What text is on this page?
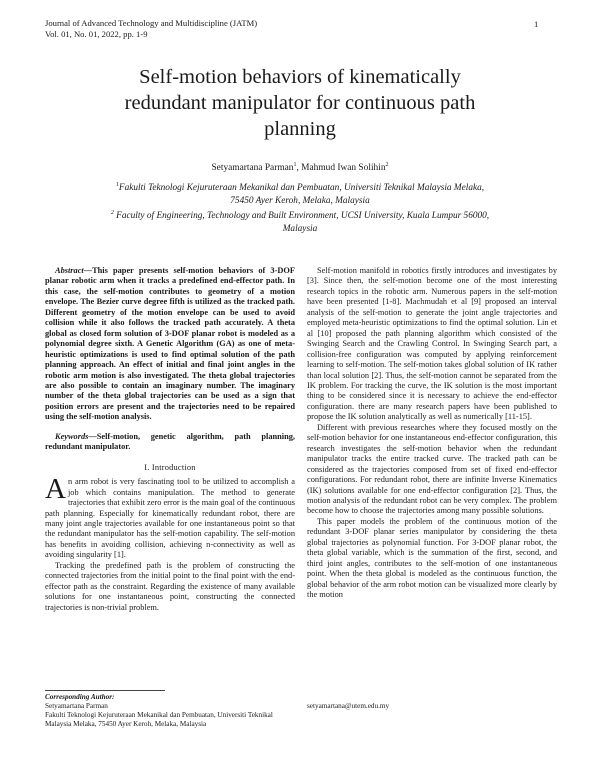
Journal of Advanced Technology and Multidiscipline (JATM)
Vol. 01, No. 01, 2022, pp. 1-9
1
Self-motion behaviors of kinematically
redundant manipulator for continuous path
planning
Setyamartana Parman$^1$, Mahmud Iwan Solihin$^2$
$^1$Fakulti Teknologi Kejuruteraan Mekanikal dan Pembuatan, Universiti Teknikal Malaysia Melaka,
75450 Ayer Keroh, Melaka, Malaysia
$^2$ Faculty of Engineering, Technology and Built Environment, UCSI University, Kuala Lumpur 56000,
Malaysia

Abstract—This paper presents self-motion behaviors of 3-DOF planar robotic arm when it tracks a predefined end-effector path. In this case, the self-motion contributes to geometry of a motion envelope. The Bezier curve degree fifth is utilized as the tracked path. Different geometry of the motion envelope can be used to avoid collision while it also follows the tracked path accurately. A theta global as closed form solution of 3-DOF planar robot is modeled as a polynomial degree sixth. A Genetic Algorithm (GA) as one of meta-heuristic optimizations is used to find optimal solution of the path planning approach. An effect of initial and final joint angles in the robotic arm motion is also investigated. The theta global trajectories are also possible to contain an imaginary number. The imaginary number of the theta global trajectories can be used as a sign that position errors are present and the trajectories need to be repaired using the self-motion analysis.

Keywords—Self-motion, genetic algorithm, path planning, redundant manipulator.

I. Introduction

An arm robot is very fascinating tool to be utilized to accomplish a job which contains manipulation. The method to generate trajectories that exhibit zero error is the main goal of the continuous path planning. Especially for kinematically redundant robot, there are many joint angle trajectories available for one instantaneous point so that the redundant manipulator has the self-motion capability. The self-motion has benefits in avoiding collision, achieving n-connectivity as well as avoiding singularity [1].

Tracking the predefined path is the problem of constructing the connected trajectories from the initial point to the final point with the end-effector path as the constraint. Regarding the existence of many available solutions for one instantaneous point, constructing the connected trajectories is non-trivial problem.

Self-motion manifold in robotics firstly introduces and investigates by [3]. Since then, the self-motion become one of the most interesting research topics in the robotic arm. Numerous papers in the self-motion have been presented [1-8]. Machmudah et al [9] proposed an interval analysis of the self-motion to generate the joint angle trajectories and employed meta-heuristic optimizations to find the optimal solution. Lin et al [10] proposed the path planning algorithm which consisted of the Swinging Search and the Crawling Control. In Swinging Search part, a collision-free configuration was computed by applying reinforcement learning to self-motion. The self-motion takes global solution of IK rather than local solution [2]. Thus, the self-motion cannot be separated from the IK problem. For tracking the curve, the IK solution is the most important thing to be considered since it is necessary to achieve the end-effector configuration. there are many research papers have been published to propose the IK solution analytically as well as numerically [11-15].

Different with previous researches where they focused mostly on the self-motion behavior for one instantaneous end-effector configuration, this research investigates the self-motion behavior when the redundant manipulator tracks the entire tracked curve. The tracked path can be considered as the trajectories composed from set of fixed end-effector configurations. For redundant robot, there are infinite Inverse Kinematics (IK) solutions available for one end-effector configuration [2]. Thus, the motion analysis of the redundant robot can be very complex. The problem become how to choose the trajectories among many possible solutions.

This paper models the problem of the continuous motion of the redundant 3-DOF planar series manipulator by considering the theta global trajectories as polynomial function. For 3-DOF planar robot, the theta global variable, which is the summation of the first, second, and third joint angles, contributes to the self-motion of one instantaneous point. When the theta global is modeled as the continuous function, the global behavior of the arm robot motion can be visualized more clearly by the motion

Corresponding Author:
Setyamartana Parman
Fakulti Teknologi Kejuruteraan Mekanikal dan Pembuatan, Universiti Teknikal
Malaysia Melaka, 75450 Ayer Keroh, Melaka, Malaysia
setyamartana@utem.edu.my
